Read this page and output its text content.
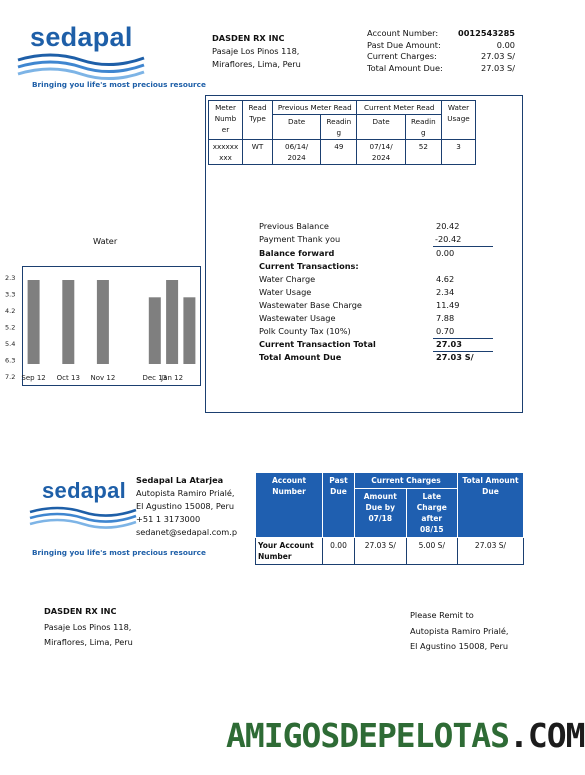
sedapal
Bringing you life's most precious resource
DASDEN RX INC
Pasaje Los Pinos 118,
Miraflores, Lima, Peru
Account Number: 0012543285
Past Due Amount:	0.00
Current Charges:	27.03 S/
Total Amount Due:	27.03 S/
Meter Numb er	Read Type	Previous Meter Read		Current Meter Read		Water Usage
		Date	Readin g	Date	Readin g	
xxxxxx xxx	WT	06/14/ 2024	49	07/14/ 2024	52	3
Water
Sep 12 Oct 13 Nov 12	Dec 13
Jan 12
2.3
3.3
4.2
5.2
5.4
6.3
7.2
Previous Balance	20.42
Payment Thank you	-20.42
Balance forward	0.00
Current Transactions:
Water Charge	4.62
Water Usage	2.34
Wastewater Base Charge	11.49
Wastewater Usage	7.88
Polk County Tax (10%)	0.70
Current Transaction Total	27.03
Total Amount Due	27.03 S/
sedapal
Bringing you life's most precious resource
Sedapal La Atarjea
Autopista Ramiro Prialé,
El Agustino 15008, Peru
+51 1 3173000
sedanet@sedapal.com.p
Account Number	Past Due	Current Charges		Total Amount Due
		Amount Due by 07/18	Late Charge after 08/15	
Your Account Number	0.00	27.03 S/	5.00 S/	27.03 S/
DASDEN RX INC
Pasaje Los Pinos 118,
Miraflores, Lima, Peru
Please Remit to
Autopista Ramiro Prialé,
El Agustino 15008, Peru
AMIGOSDEPELOTAS.COM
